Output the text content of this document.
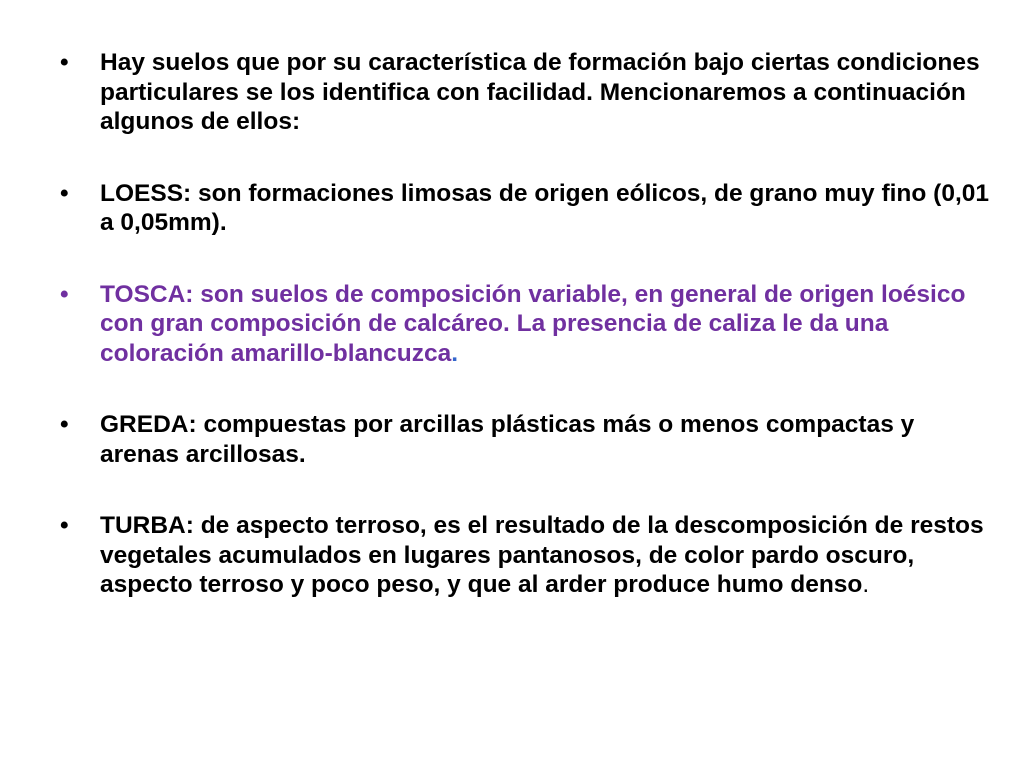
• Hay suelos que por su característica de formación bajo ciertas condiciones particulares se los identifica con facilidad. Mencionaremos a continuación algunos de ellos:
• LOESS: son formaciones limosas de origen eólicos, de grano muy fino (0,01 a 0,05mm).
• TOSCA: son suelos de composición variable, en general de origen loésico con gran composición de calcáreo. La presencia de caliza le da una coloración amarillo-blancuzca.
• GREDA: compuestas por arcillas plásticas más o menos compactas y arenas arcillosas.
• TURBA: de aspecto terroso, es el resultado de la descomposición de restos vegetales acumulados en lugares pantanosos, de color pardo oscuro, aspecto terroso y poco peso, y que al arder produce humo denso.
